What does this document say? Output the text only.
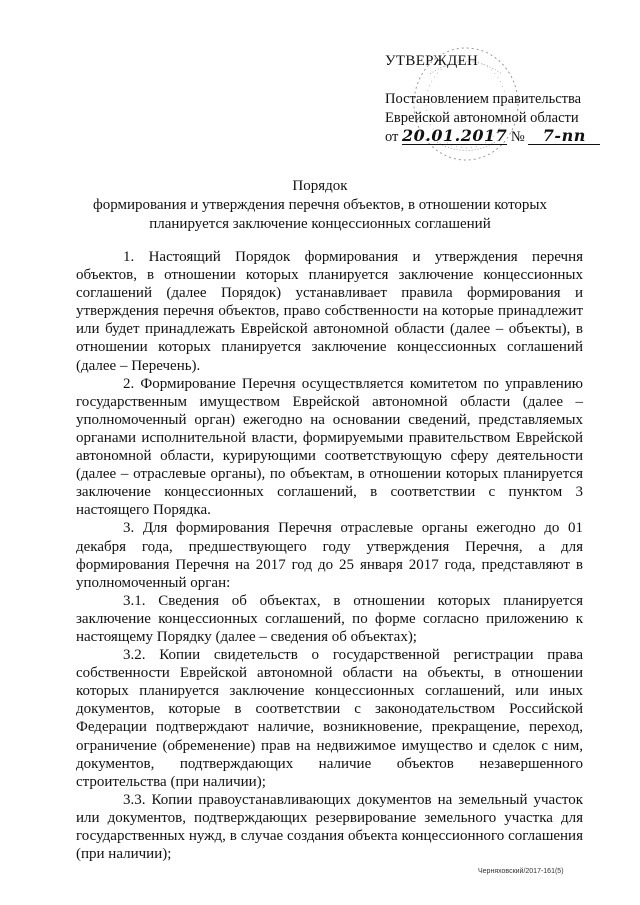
УТВЕРЖДЕН
Постановлением правительства
Еврейской автономной области
от 20.01.2017 № 7-пп
Порядок
формирования и утверждения перечня объектов, в отношении которых
планируется заключение концессионных соглашений

1. Настоящий Порядок формирования и утверждения перечня объектов, в отношении которых планируется заключение концессионных соглашений (далее Порядок) устанавливает правила формирования и утверждения перечня объектов, право собственности на которые принадлежит или будет принадлежать Еврейской автономной области (далее – объекты), в отношении которых планируется заключение концессионных соглашений (далее – Перечень).

2. Формирование Перечня осуществляется комитетом по управлению государственным имуществом Еврейской автономной области (далее – уполномоченный орган) ежегодно на основании сведений, представляемых органами исполнительной власти, формируемыми правительством Еврейской автономной области, курирующими соответствующую сферу деятельности (далее – отраслевые органы), по объектам, в отношении которых планируется заключение концессионных соглашений, в соответствии с пунктом 3 настоящего Порядка.

3. Для формирования Перечня отраслевые органы ежегодно до 01 декабря года, предшествующего году утверждения Перечня, а для формирования Перечня на 2017 год до 25 января 2017 года, представляют в уполномоченный орган:

3.1. Сведения об объектах, в отношении которых планируется заключение концессионных соглашений, по форме согласно приложению к настоящему Порядку (далее – сведения об объектах);

3.2. Копии свидетельств о государственной регистрации права собственности Еврейской автономной области на объекты, в отношении которых планируется заключение концессионных соглашений, или иных документов, которые в соответствии с законодательством Российской Федерации подтверждают наличие, возникновение, прекращение, переход, ограничение (обременение) прав на недвижимое имущество и сделок с ним, документов, подтверждающих наличие объектов незавершенного строительства (при наличии);

3.3. Копии правоустанавливающих документов на земельный участок или документов, подтверждающих резервирование земельного участка для государственных нужд, в случае создания объекта концессионного соглашения (при наличии);

Черняховский/2017-161(5)
